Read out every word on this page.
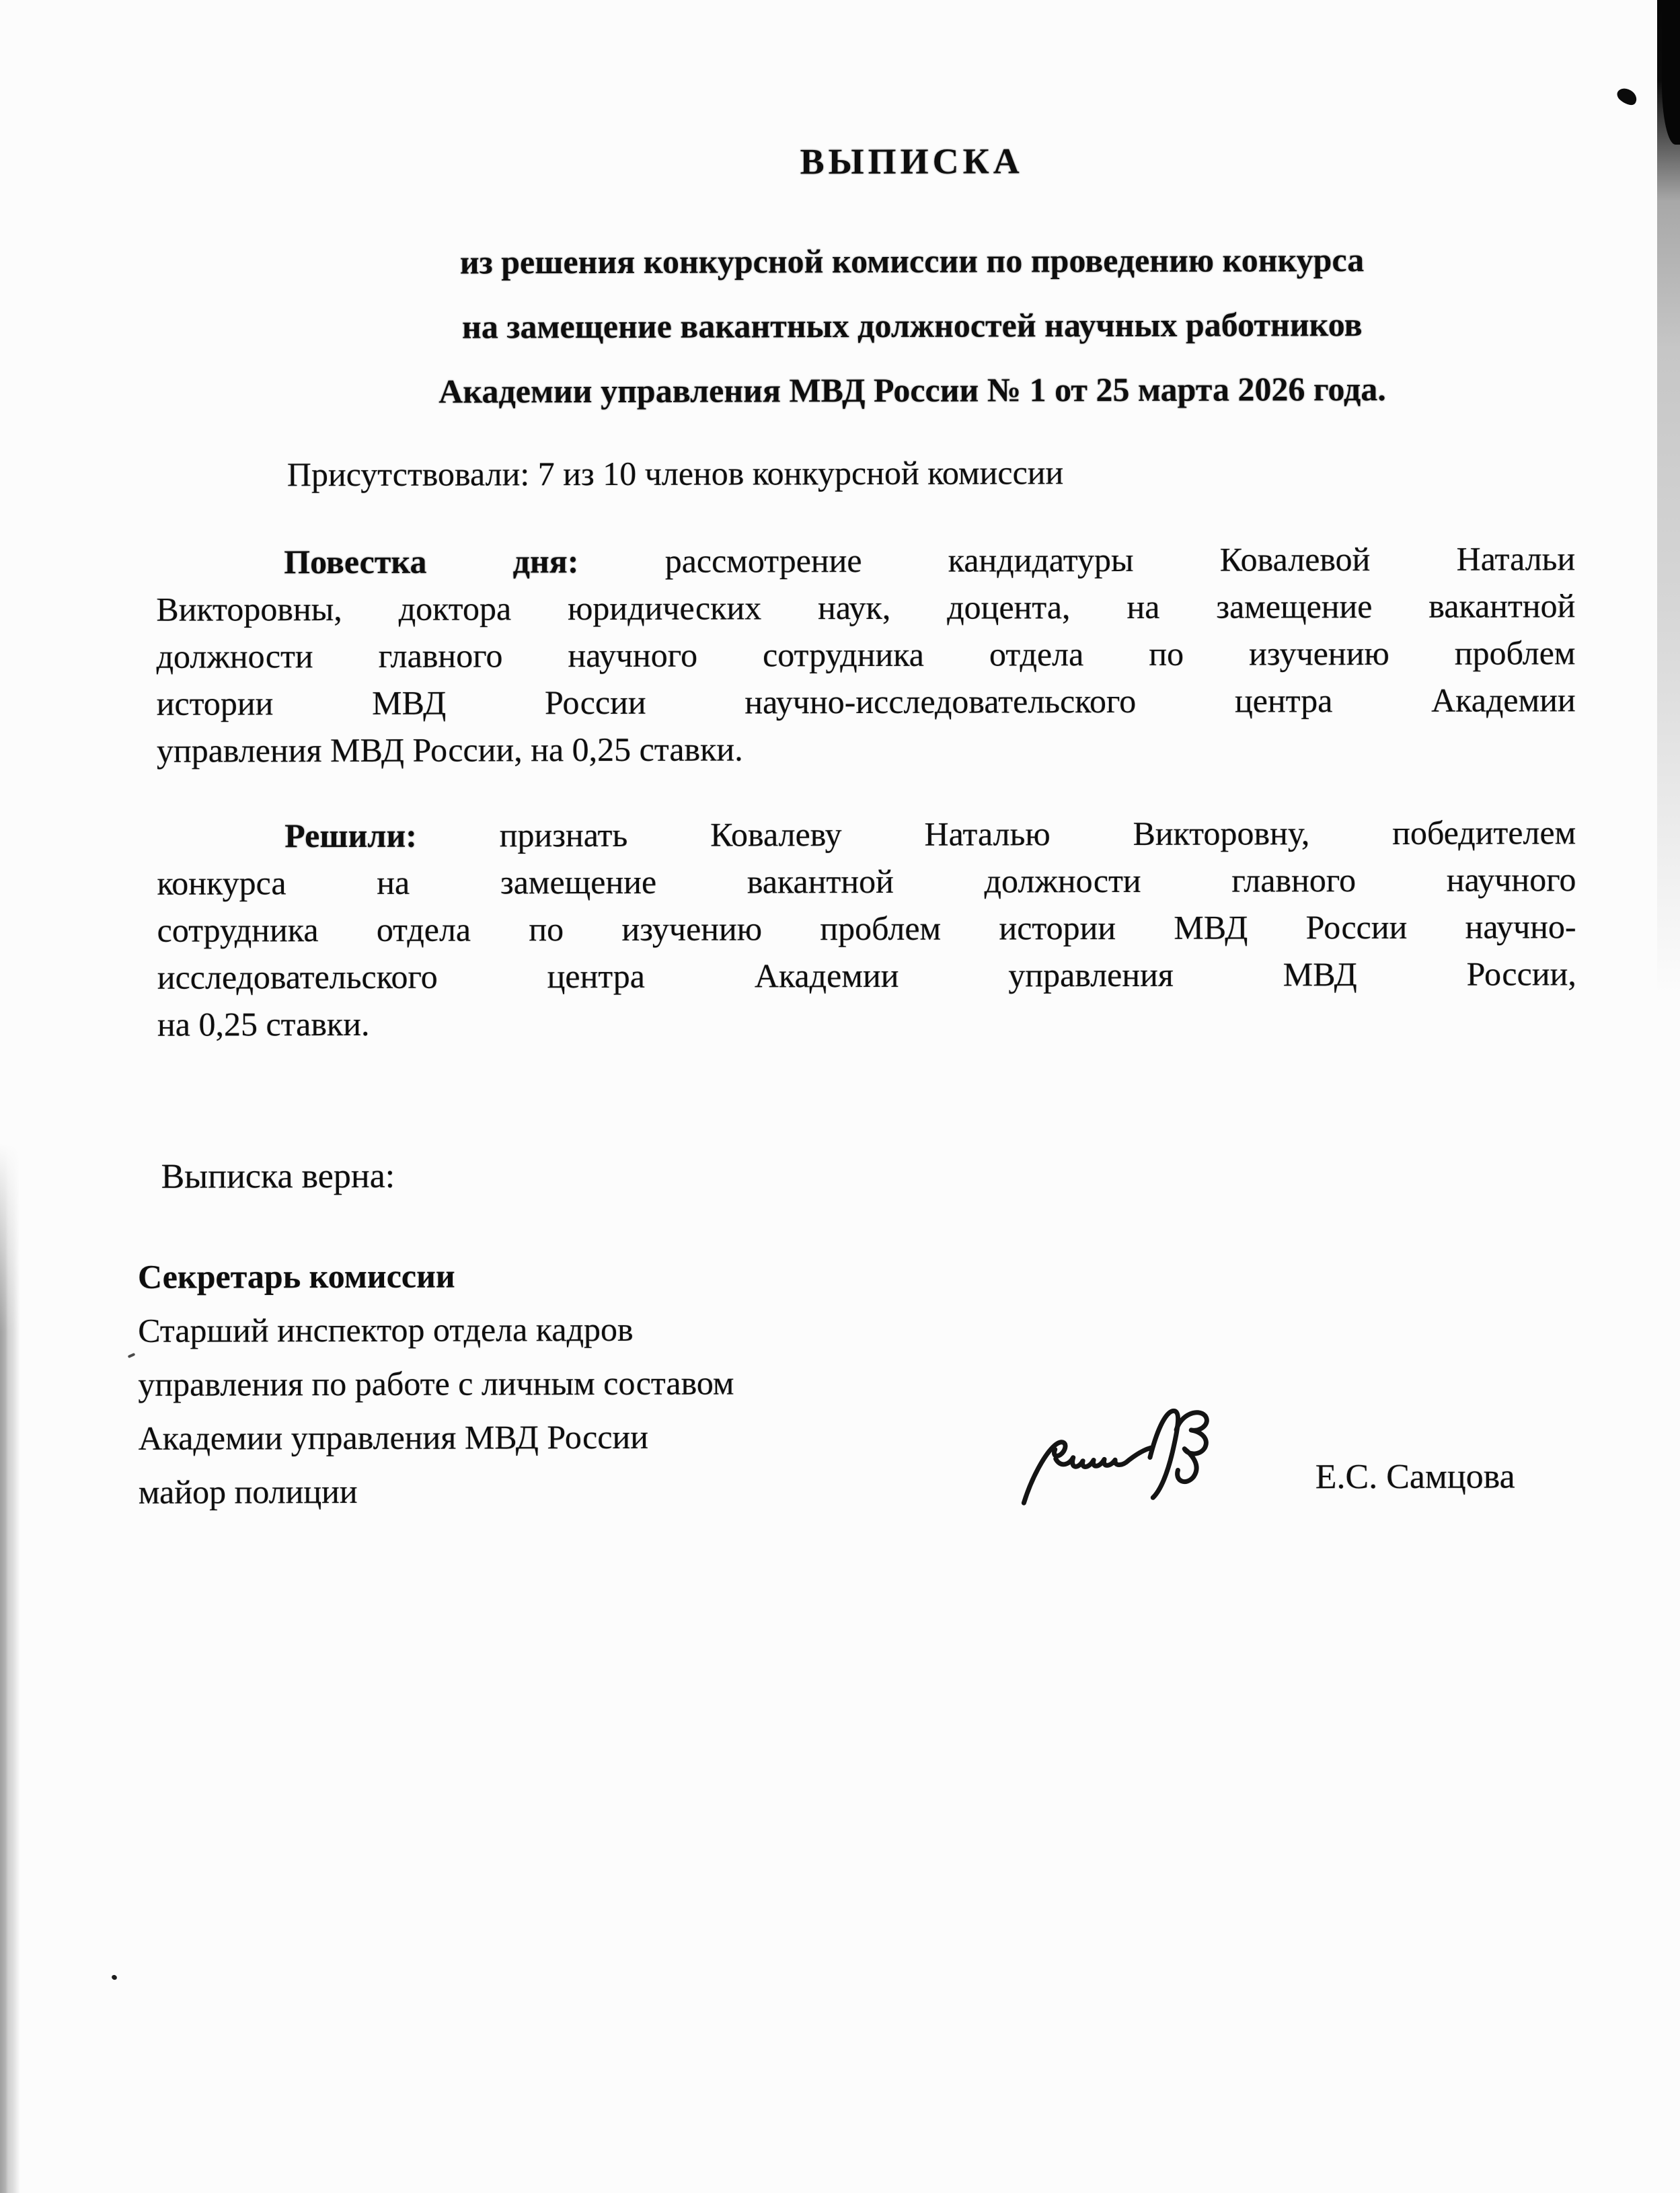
ВЫПИСКА
из решения конкурсной комиссии по проведению конкурса
на замещение вакантных должностей научных работников
Академии управления МВД России № 1 от 25 марта 2026 года.
Присутствовали: 7 из 10 членов конкурсной комиссии
Повестка дня:	рассмотрение кандидатуры Ковалевой Натальи
Викторовны, доктора юридических наук, доцента, на замещение вакантной
должности главного научного сотрудника отдела по изучению проблем
истории МВД России научно-исследовательского центра Академии
управления МВД России, на 0,25 ставки.
Решили: признать Ковалеву Наталью Викторовну, победителем
конкурса на замещение вакантной должности главного научного
сотрудника отдела по изучению проблем истории МВД России научно-
исследовательского центра Академии управления МВД России,
на 0,25 ставки.
Выписка верна:
Секретарь комиссии
Старший инспектор отдела кадров
управления по работе с личным составом
Академии управления МВД России
майор полиции	Е.С. Самцова
